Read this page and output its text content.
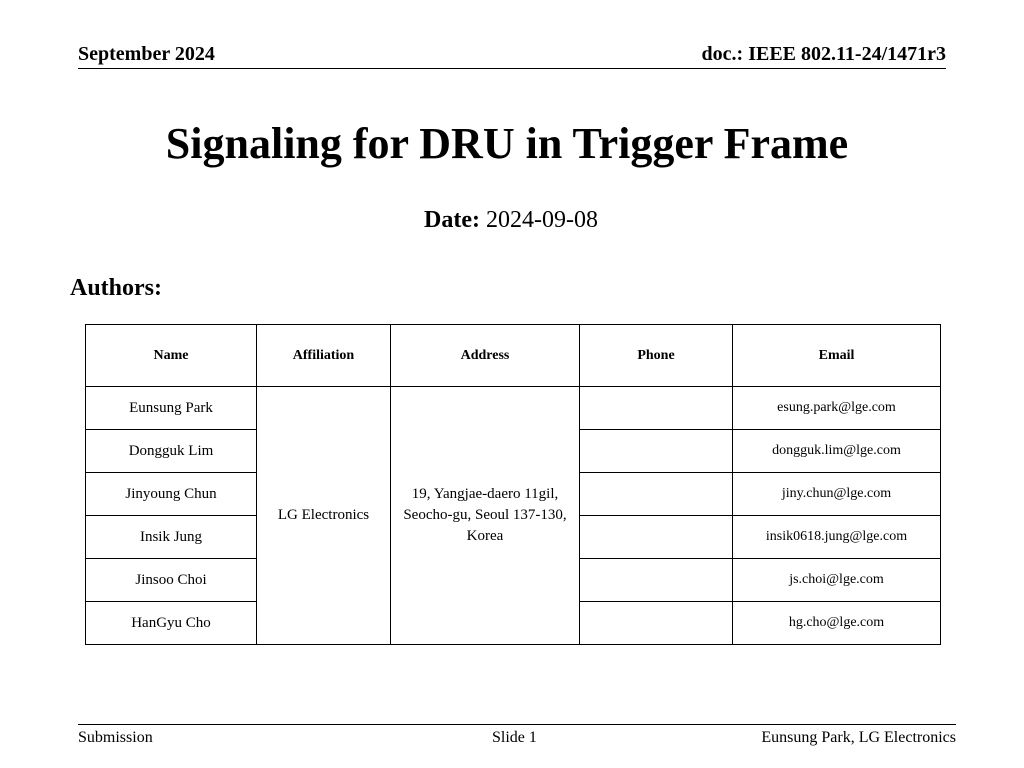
September 2024	doc.: IEEE 802.11-24/1471r3
Signaling for DRU in Trigger Frame
Date: 2024-09-08
Authors:
Name	Affiliation	Address	Phone	Email
Eunsung Park	LG Electronics	19, Yangjae-daero 11gil, Seocho-gu, Seoul 137-130, Korea		esung.park@lge.com
Dongguk Lim				dongguk.lim@lge.com
Jinyoung Chun				jiny.chun@lge.com
Insik Jung				insik0618.jung@lge.com
Jinsoo Choi				js.choi@lge.com
HanGyu Cho				hg.cho@lge.com
Submission	Slide 1	Eunsung Park, LG Electronics
